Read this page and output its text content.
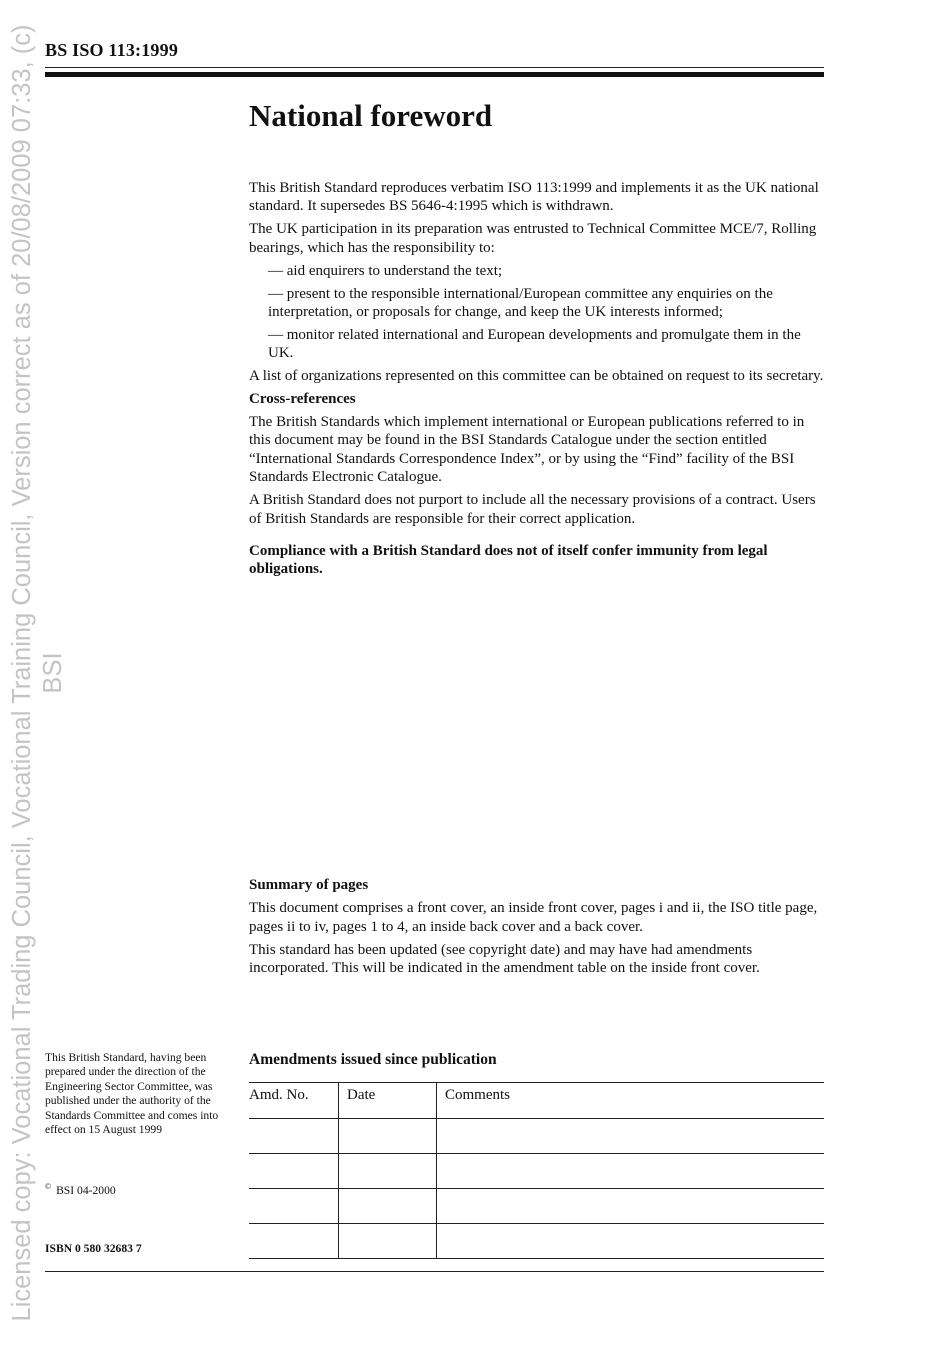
Licensed copy: Vocational Trading Council, Vocational Training Council, Version correct as of 20/08/2009 07:33, (c) BSI
BS ISO 113:1999
National foreword

This British Standard reproduces verbatim ISO 113:1999 and implements it as the UK national standard. It supersedes BS 5646-4:1995 which is withdrawn.

The UK participation in its preparation was entrusted to Technical Committee MCE/7, Rolling bearings, which has the responsibility to:

— aid enquirers to understand the text;
— present to the responsible international/European committee any enquiries on the interpretation, or proposals for change, and keep the UK interests informed;
— monitor related international and European developments and promulgate them in the UK.

A list of organizations represented on this committee can be obtained on request to its secretary.

Cross-references

The British Standards which implement international or European publications referred to in this document may be found in the BSI Standards Catalogue under the section entitled “International Standards Correspondence Index”, or by using the “Find” facility of the BSI Standards Electronic Catalogue.

A British Standard does not purport to include all the necessary provisions of a contract. Users of British Standards are responsible for their correct application.

Compliance with a British Standard does not of itself confer immunity from legal obligations.

Summary of pages

This document comprises a front cover, an inside front cover, pages i and ii, the ISO title page, pages ii to iv, pages 1 to 4, an inside back cover and a back cover.

This standard has been updated (see copyright date) and may have had amendments incorporated. This will be indicated in the amendment table on the inside front cover.

This British Standard, having been prepared under the direction of the Engineering Sector Committee, was published under the authority of the Standards Committee and comes into effect on 15 August 1999

© BSI 04-2000
ISBN 0 580 32683 7
Amendments issued since publication
Amd. No.	Date	Comments
